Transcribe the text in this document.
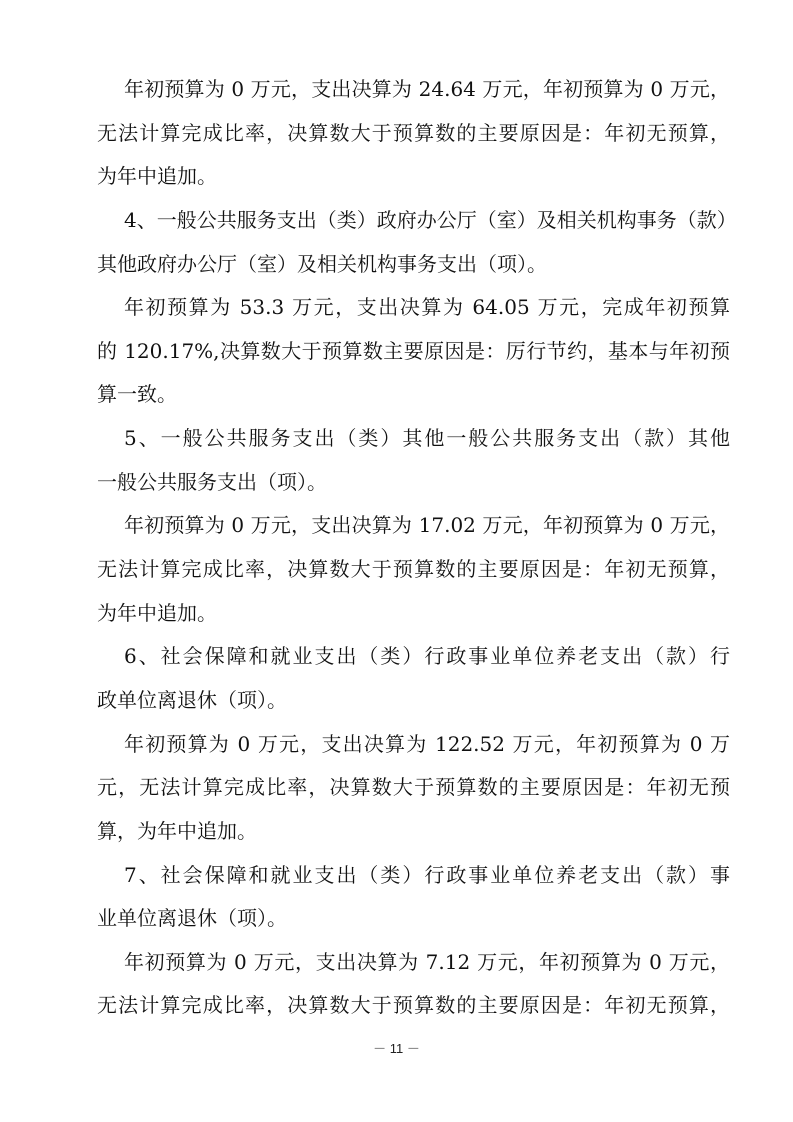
年初预算为 0 万元，支出决算为 24.64 万元，年初预算为 0 万元，
无法计算完成比率，决算数大于预算数的主要原因是：年初无预算，
为年中追加。
4、一般公共服务支出（类）政府办公厅（室）及相关机构事务（款）
其他政府办公厅（室）及相关机构事务支出（项）。
年初预算为 53.3 万元，支出决算为 64.05 万元，完成年初预算
的 120.17%,决算数大于预算数主要原因是：厉行节约，基本与年初预
算一致。
5、一般公共服务支出（类）其他一般公共服务支出（款）其他
一般公共服务支出（项）。
年初预算为 0 万元，支出决算为 17.02 万元，年初预算为 0 万元，
无法计算完成比率，决算数大于预算数的主要原因是：年初无预算，
为年中追加。
6、社会保障和就业支出（类）行政事业单位养老支出（款）行
政单位离退休（项）。
年初预算为 0 万元，支出决算为 122.52 万元，年初预算为 0 万
元，无法计算完成比率，决算数大于预算数的主要原因是：年初无预
算，为年中追加。
7、社会保障和就业支出（类）行政事业单位养老支出（款）事
业单位离退休（项）。
年初预算为 0 万元，支出决算为 7.12 万元，年初预算为 0 万元，
无法计算完成比率，决算数大于预算数的主要原因是：年初无预算，
－ 11 －
